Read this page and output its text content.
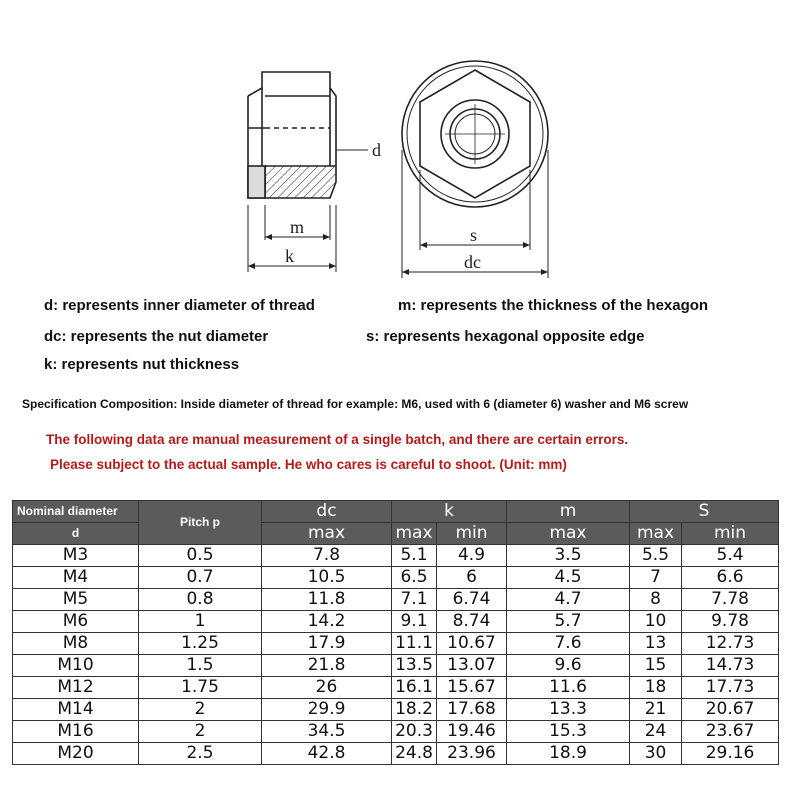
d
m
k
s
dc
d: represents inner diameter of thread	m: represents the thickness of the hexagon
dc: represents the nut diameter	s: represents hexagonal opposite edge
k: represents nut thickness
Specification Composition: Inside diameter of thread for example: M6, used with 6 (diameter 6) washer and M6 screw
The following data are manual measurement of a single batch, and there are certain errors.
Please subject to the actual sample. He who cares is careful to shoot. (Unit: mm)
Nominal diameter	Pitch p	dc	k		m	S	
d		max	max	min	max	max	min
M3	0.5	7.8	5.1	4.9	3.5	5.5	5.4
M4	0.7	10.5	6.5	6	4.5	7	6.6
M5	0.8	11.8	7.1	6.74	4.7	8	7.78
M6	1	14.2	9.1	8.74	5.7	10	9.78
M8	1.25	17.9	11.1	10.67	7.6	13	12.73
M10	1.5	21.8	13.5	13.07	9.6	15	14.73
M12	1.75	26	16.1	15.67	11.6	18	17.73
M14	2	29.9	18.2	17.68	13.3	21	20.67
M16	2	34.5	20.3	19.46	15.3	24	23.67
M20	2.5	42.8	24.8	23.96	18.9	30	29.16
